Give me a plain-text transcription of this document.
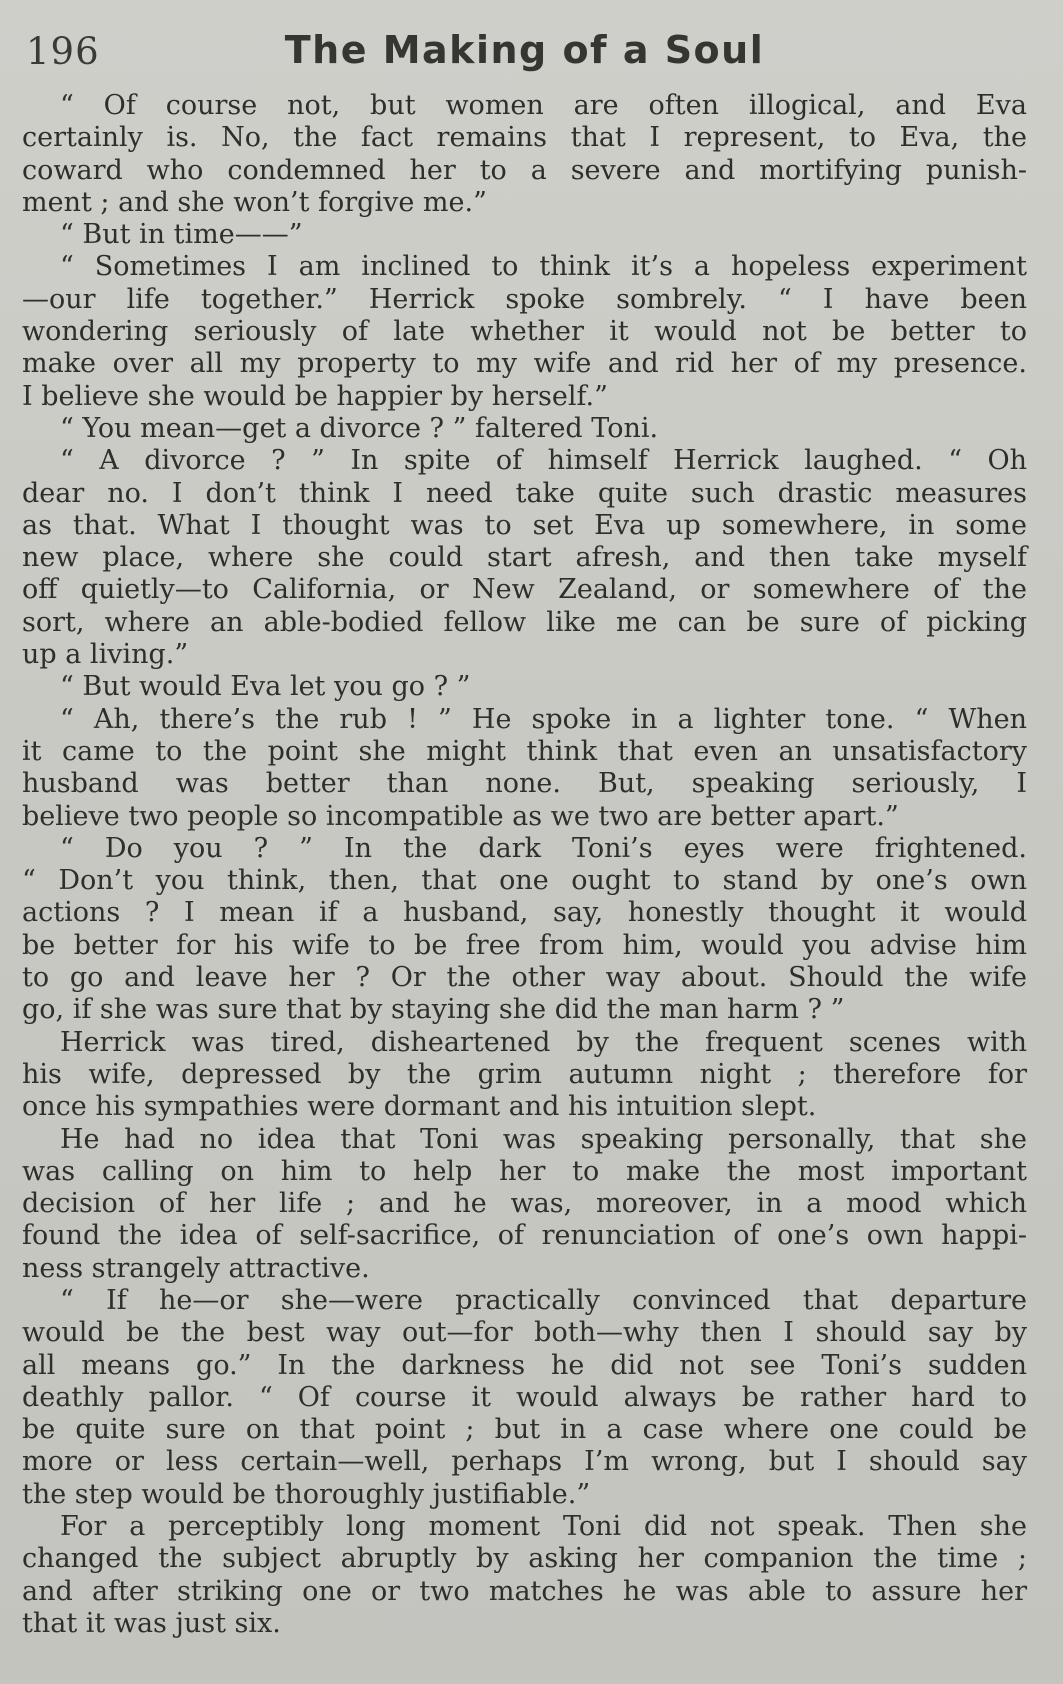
196	The Making of a Soul
“ Of course not, but women are often illogical, and Eva
certainly is. No, the fact remains that I represent, to Eva, the
coward who condemned her to a severe and mortifying punish-
ment ; and she won’t forgive me.”
“ But in time——”
“ Sometimes I am inclined to think it’s a hopeless experiment
—our life together.” Herrick spoke sombrely. “ I have been
wondering seriously of late whether it would not be better to
make over all my property to my wife and rid her of my presence.
I believe she would be happier by herself.”
“ You mean—get a divorce ? ” faltered Toni.
“ A divorce ? ” In spite of himself Herrick laughed. “ Oh
dear no. I don’t think I need take quite such drastic measures
as that. What I thought was to set Eva up somewhere, in some
new place, where she could start afresh, and then take myself
off quietly—to California, or New Zealand, or somewhere of the
sort, where an able-bodied fellow like me can be sure of picking
up a living.”
“ But would Eva let you go ? ”
“ Ah, there’s the rub ! ” He spoke in a lighter tone. “ When
it came to the point she might think that even an unsatisfactory
husband was better than none. But, speaking seriously, I
believe two people so incompatible as we two are better apart.”
“ Do you ? ” In the dark Toni’s eyes were frightened.
“ Don’t you think, then, that one ought to stand by one’s own
actions ? I mean if a husband, say, honestly thought it would
be better for his wife to be free from him, would you advise him
to go and leave her ? Or the other way about. Should the wife
go, if she was sure that by staying she did the man harm ? ”
Herrick was tired, disheartened by the frequent scenes with
his wife, depressed by the grim autumn night ; therefore for
once his sympathies were dormant and his intuition slept.
He had no idea that Toni was speaking personally, that she
was calling on him to help her to make the most important
decision of her life ; and he was, moreover, in a mood which
found the idea of self-sacrifice, of renunciation of one’s own happi-
ness strangely attractive.
“ If he—or she—were practically convinced that departure
would be the best way out—for both—why then I should say by
all means go.” In the darkness he did not see Toni’s sudden
deathly pallor. “ Of course it would always be rather hard to
be quite sure on that point ; but in a case where one could be
more or less certain—well, perhaps I’m wrong, but I should say
the step would be thoroughly justifiable.”
For a perceptibly long moment Toni did not speak. Then she
changed the subject abruptly by asking her companion the time ;
and after striking one or two matches he was able to assure her
that it was just six.
